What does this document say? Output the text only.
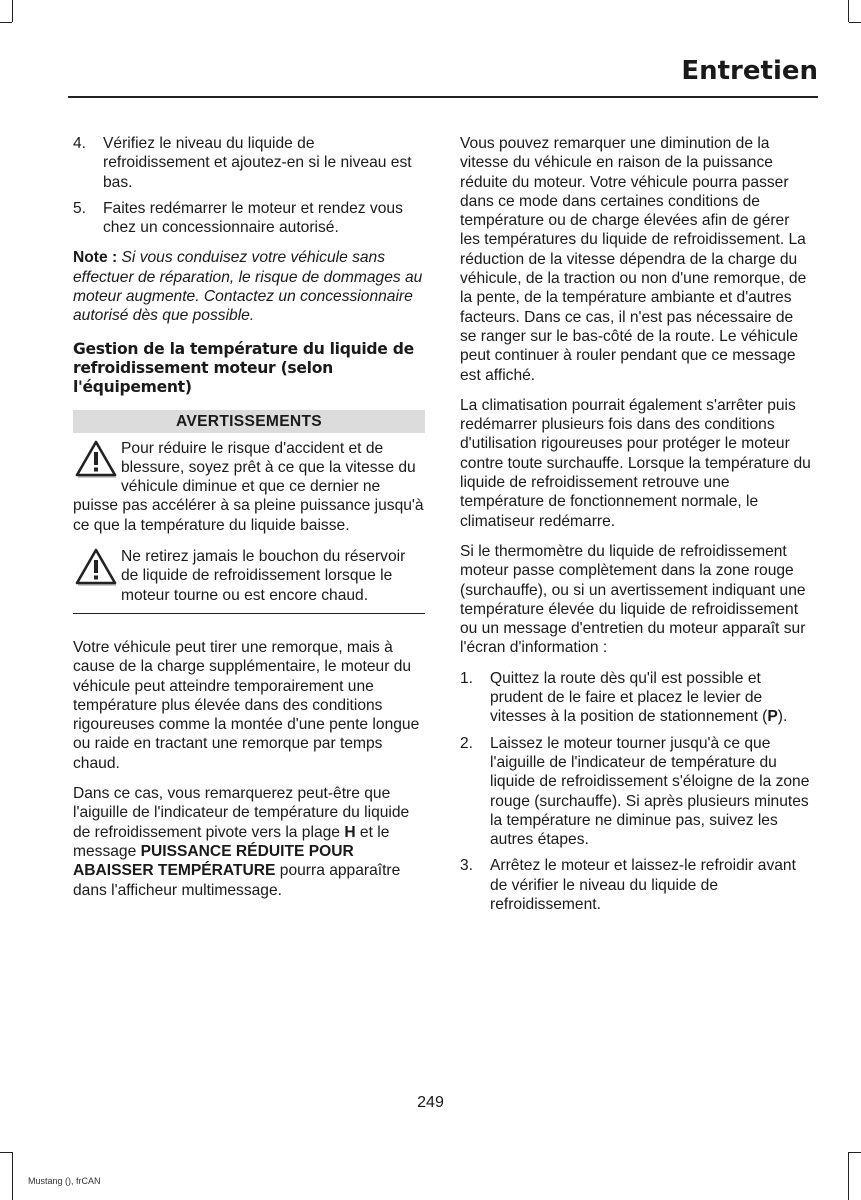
Entretien
4.	Vérifiez le niveau du liquide de refroidissement et ajoutez-en si le niveau est bas.
5.	Faites redémarrer le moteur et rendez vous chez un concessionnaire autorisé.

Note : Si vous conduisez votre véhicule sans effectuer de réparation, le risque de dommages au moteur augmente. Contactez un concessionnaire autorisé dès que possible.

Gestion de la température du liquide de refroidissement moteur (selon l'équipement)
AVERTISSEMENTS
Pour réduire le risque d'accident et de blessure, soyez prêt à ce que la vitesse du véhicule diminue et que ce dernier ne puisse pas accélérer à sa pleine puissance jusqu'à ce que la température du liquide baisse.
Ne retirez jamais le bouchon du réservoir de liquide de refroidissement lorsque le moteur tourne ou est encore chaud.

Votre véhicule peut tirer une remorque, mais à cause de la charge supplémentaire, le moteur du véhicule peut atteindre temporairement une température plus élevée dans des conditions rigoureuses comme la montée d'une pente longue ou raide en tractant une remorque par temps chaud.

Dans ce cas, vous remarquerez peut-être que l'aiguille de l'indicateur de température du liquide de refroidissement pivote vers la plage H et le message PUISSANCE RÉDUITE POUR ABAISSER TEMPÉRATURE pourra apparaître dans l'afficheur multimessage.

Vous pouvez remarquer une diminution de la vitesse du véhicule en raison de la puissance réduite du moteur. Votre véhicule pourra passer dans ce mode dans certaines conditions de température ou de charge élevées afin de gérer les températures du liquide de refroidissement. La réduction de la vitesse dépendra de la charge du véhicule, de la traction ou non d'une remorque, de la pente, de la température ambiante et d'autres facteurs. Dans ce cas, il n'est pas nécessaire de se ranger sur le bas-côté de la route. Le véhicule peut continuer à rouler pendant que ce message est affiché.

La climatisation pourrait également s'arrêter puis redémarrer plusieurs fois dans des conditions d'utilisation rigoureuses pour protéger le moteur contre toute surchauffe. Lorsque la température du liquide de refroidissement retrouve une température de fonctionnement normale, le climatiseur redémarre.

Si le thermomètre du liquide de refroidissement moteur passe complètement dans la zone rouge (surchauffe), ou si un avertissement indiquant une température élevée du liquide de refroidissement ou un message d'entretien du moteur apparaît sur l'écran d'information :

1.	Quittez la route dès qu'il est possible et prudent de le faire et placez le levier de vitesses à la position de stationnement (P).
2.	Laissez le moteur tourner jusqu'à ce que l'aiguille de l'indicateur de température du liquide de refroidissement s'éloigne de la zone rouge (surchauffe). Si après plusieurs minutes la température ne diminue pas, suivez les autres étapes.
3.	Arrêtez le moteur et laissez-le refroidir avant de vérifier le niveau du liquide de refroidissement.
249
Mustang (), frCAN
